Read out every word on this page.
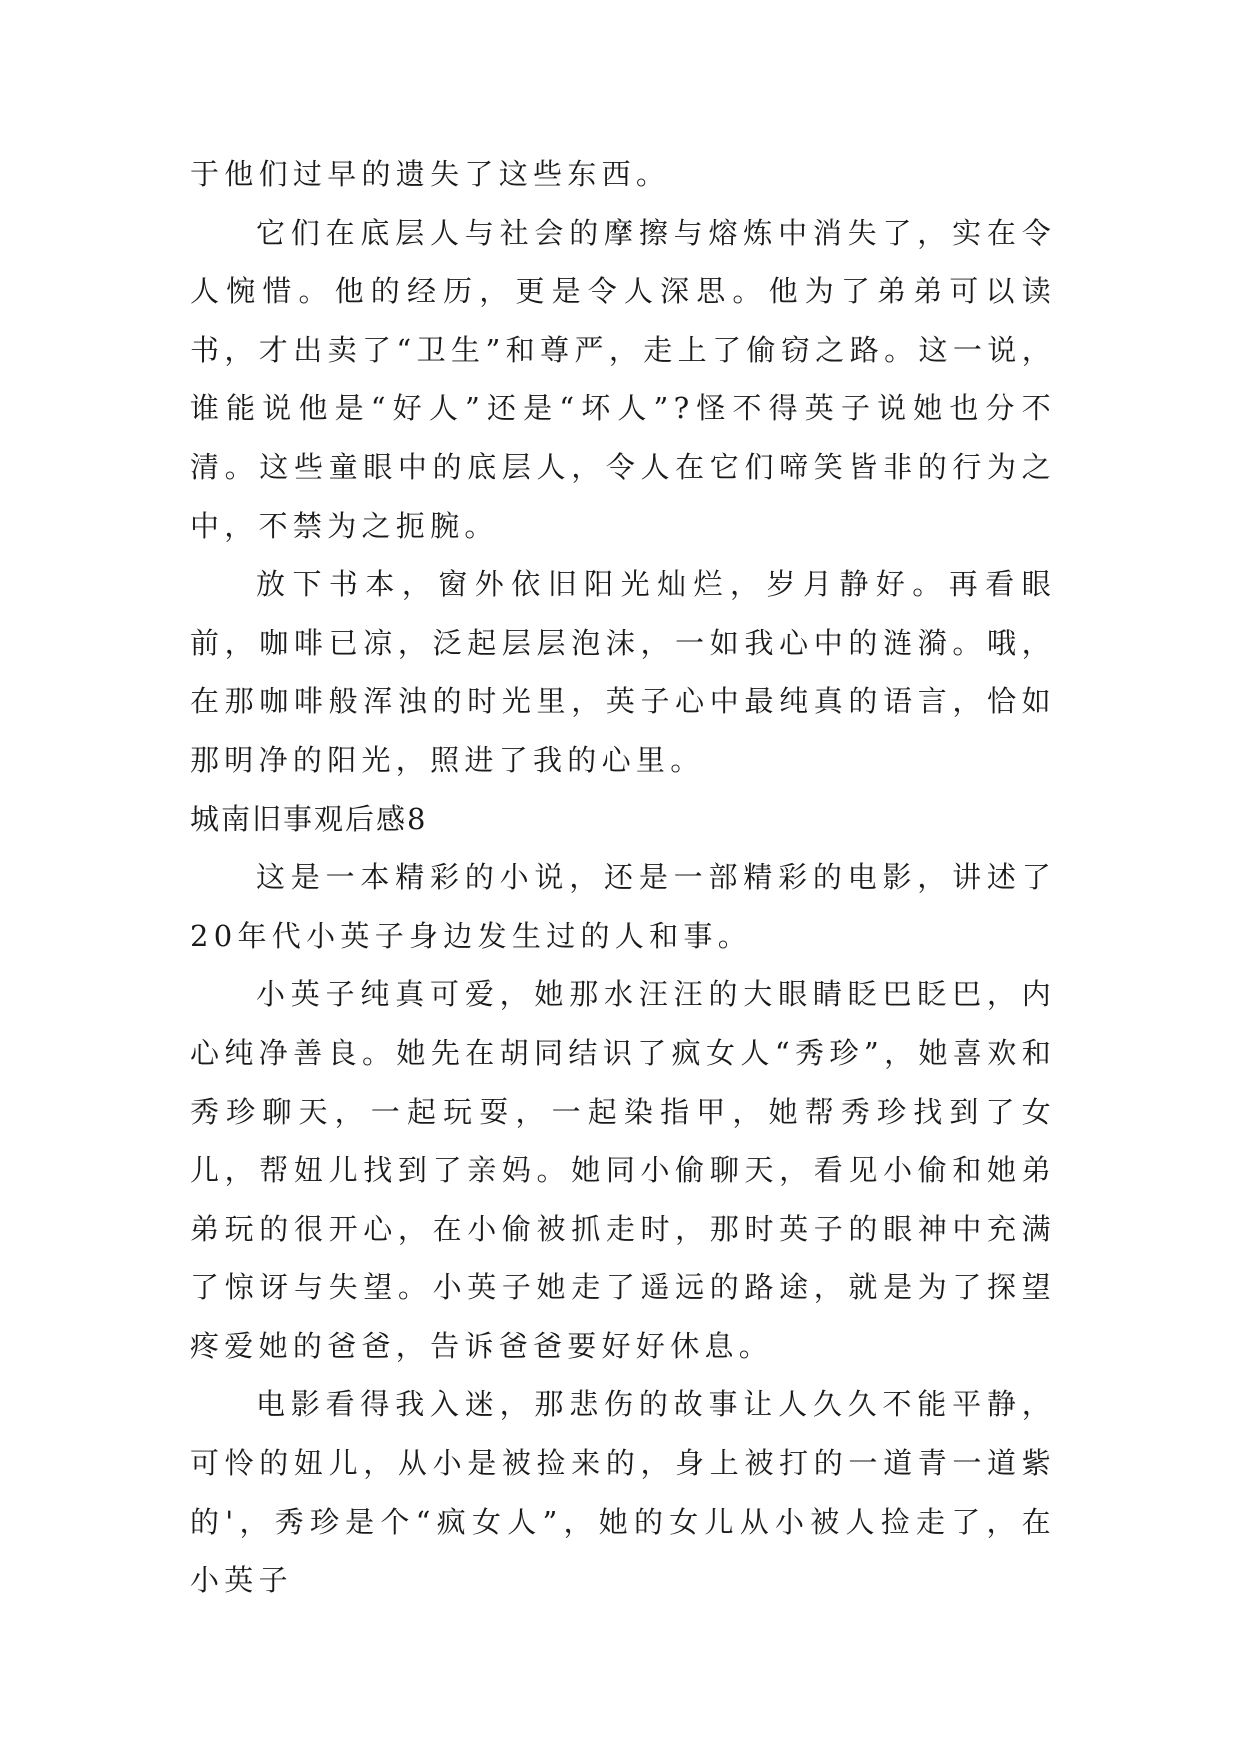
于他们过早的遗失了这些东西。

它们在底层人与社会的摩擦与熔炼中消失了，实在令人惋惜。他的经历，更是令人深思。他为了弟弟可以读书，才出卖了“卫生”和尊严，走上了偷窃之路。这一说，谁能说他是“好人”还是“坏人”?怪不得英子说她也分不清。这些童眼中的底层人，令人在它们啼笑皆非的行为之中，不禁为之扼腕。

放下书本，窗外依旧阳光灿烂，岁月静好。再看眼前，咖啡已凉，泛起层层泡沫，一如我心中的涟漪。哦，在那咖啡般浑浊的时光里，英子心中最纯真的语言，恰如那明净的阳光，照进了我的心里。

城南旧事观后感8

这是一本精彩的小说，还是一部精彩的电影，讲述了20年代小英子身边发生过的人和事。

小英子纯真可爱，她那水汪汪的大眼睛眨巴眨巴，内心纯净善良。她先在胡同结识了疯女人“秀珍”，她喜欢和秀珍聊天，一起玩耍，一起染指甲，她帮秀珍找到了女儿，帮妞儿找到了亲妈。她同小偷聊天，看见小偷和她弟弟玩的很开心，在小偷被抓走时，那时英子的眼神中充满了惊讶与失望。小英子她走了遥远的路途，就是为了探望疼爱她的爸爸，告诉爸爸要好好休息。

电影看得我入迷，那悲伤的故事让人久久不能平静，可怜的妞儿，从小是被捡来的，身上被打的一道青一道紫的'，秀珍是个“疯女人”，她的女儿从小被人捡走了，在小英子
